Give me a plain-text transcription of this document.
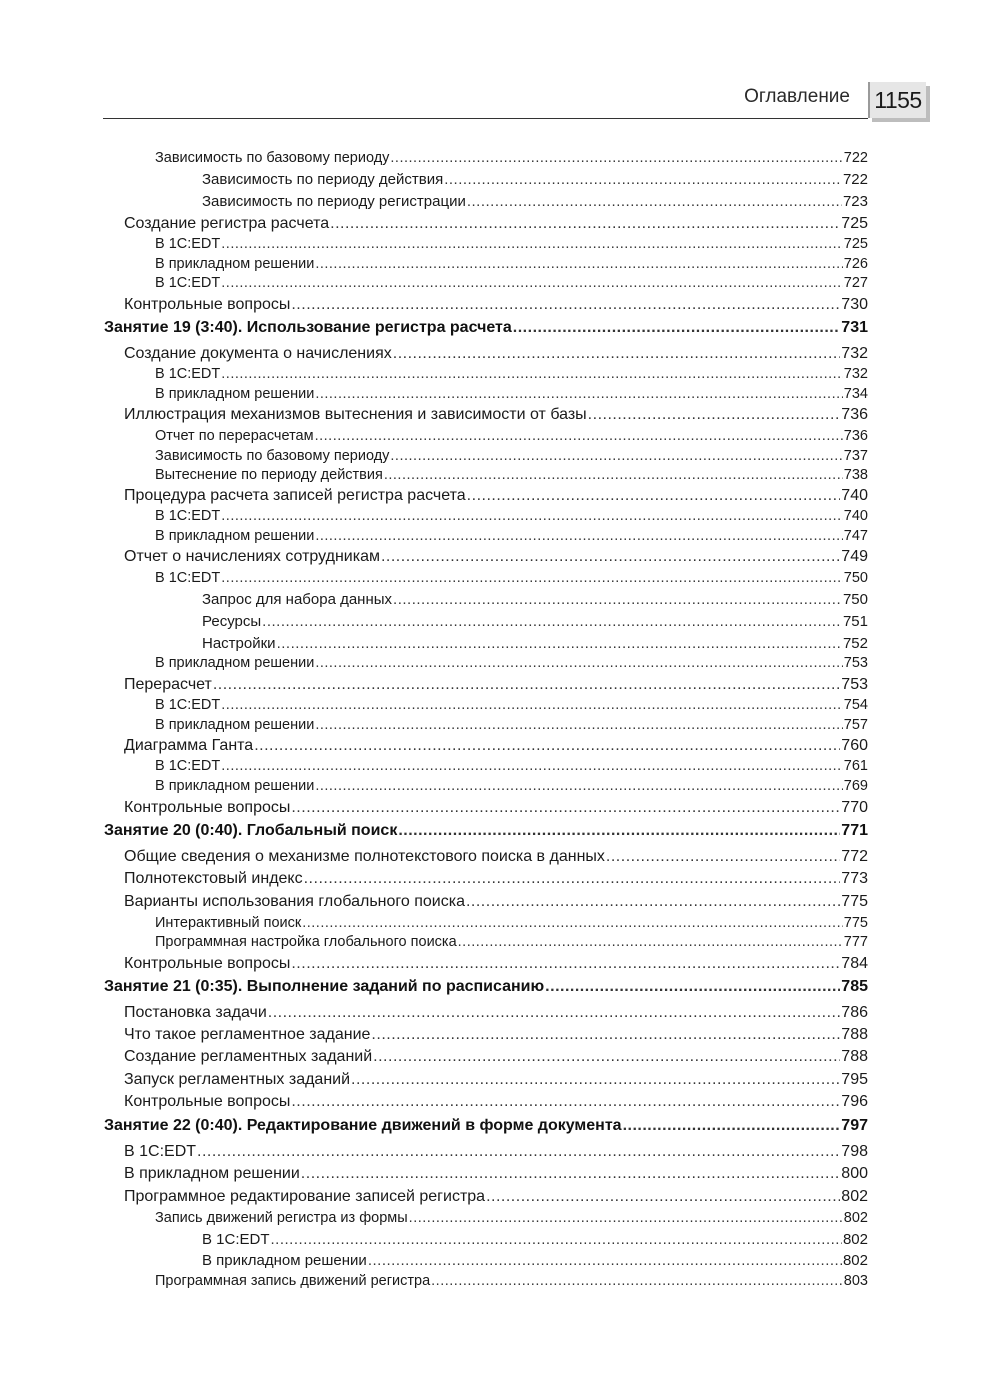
Оглавление 1155
Зависимость по базовому периоду .....	722
Зависимость по периоду действия .....	722
Зависимость по периоду регистрации .....	723
Создание регистра расчета .....	725
В 1C:EDT .....	725
В прикладном решении .....	726
В 1C:EDT .....	727
Контрольные вопросы .....	730
Занятие 19 (3:40). Использование регистра расчета .....	731
Создание документа о начислениях .....	732
В 1C:EDT .....	732
В прикладном решении .....	734
Иллюстрация механизмов вытеснения и зависимости от базы .....	736
Отчет по перерасчетам .....	736
Зависимость по базовому периоду .....	737
Вытеснение по периоду действия .....	738
Процедура расчета записей регистра расчета .....	740
В 1C:EDT .....	740
В прикладном решении .....	747
Отчет о начислениях сотрудникам .....	749
В 1C:EDT .....	750
Запрос для набора данных .....	750
Ресурсы .....	751
Настройки .....	752
В прикладном решении .....	753
Перерасчет .....	753
В 1C:EDT .....	754
В прикладном решении .....	757
Диаграмма Ганта .....	760
В 1C:EDT .....	761
В прикладном решении .....	769
Контрольные вопросы .....	770
Занятие 20 (0:40). Глобальный поиск .....	771
Общие сведения о механизме полнотекстового поиска в данных .....	772
Полнотекстовый индекс .....	773
Варианты использования глобального поиска .....	775
Интерактивный поиск .....	775
Программная настройка глобального поиска .....	777
Контрольные вопросы .....	784
Занятие 21 (0:35). Выполнение заданий по расписанию .....	785
Постановка задачи .....	786
Что такое регламентное задание .....	788
Создание регламентных заданий .....	788
Запуск регламентных заданий .....	795
Контрольные вопросы .....	796
Занятие 22 (0:40). Редактирование движений в форме документа .....	797
В 1C:EDT .....	798
В прикладном решении .....	800
Программное редактирование записей регистра .....	802
Запись движений регистра из формы .....	802
В 1C:EDT .....	802
В прикладном решении .....	802
Программная запись движений регистра .....	803
